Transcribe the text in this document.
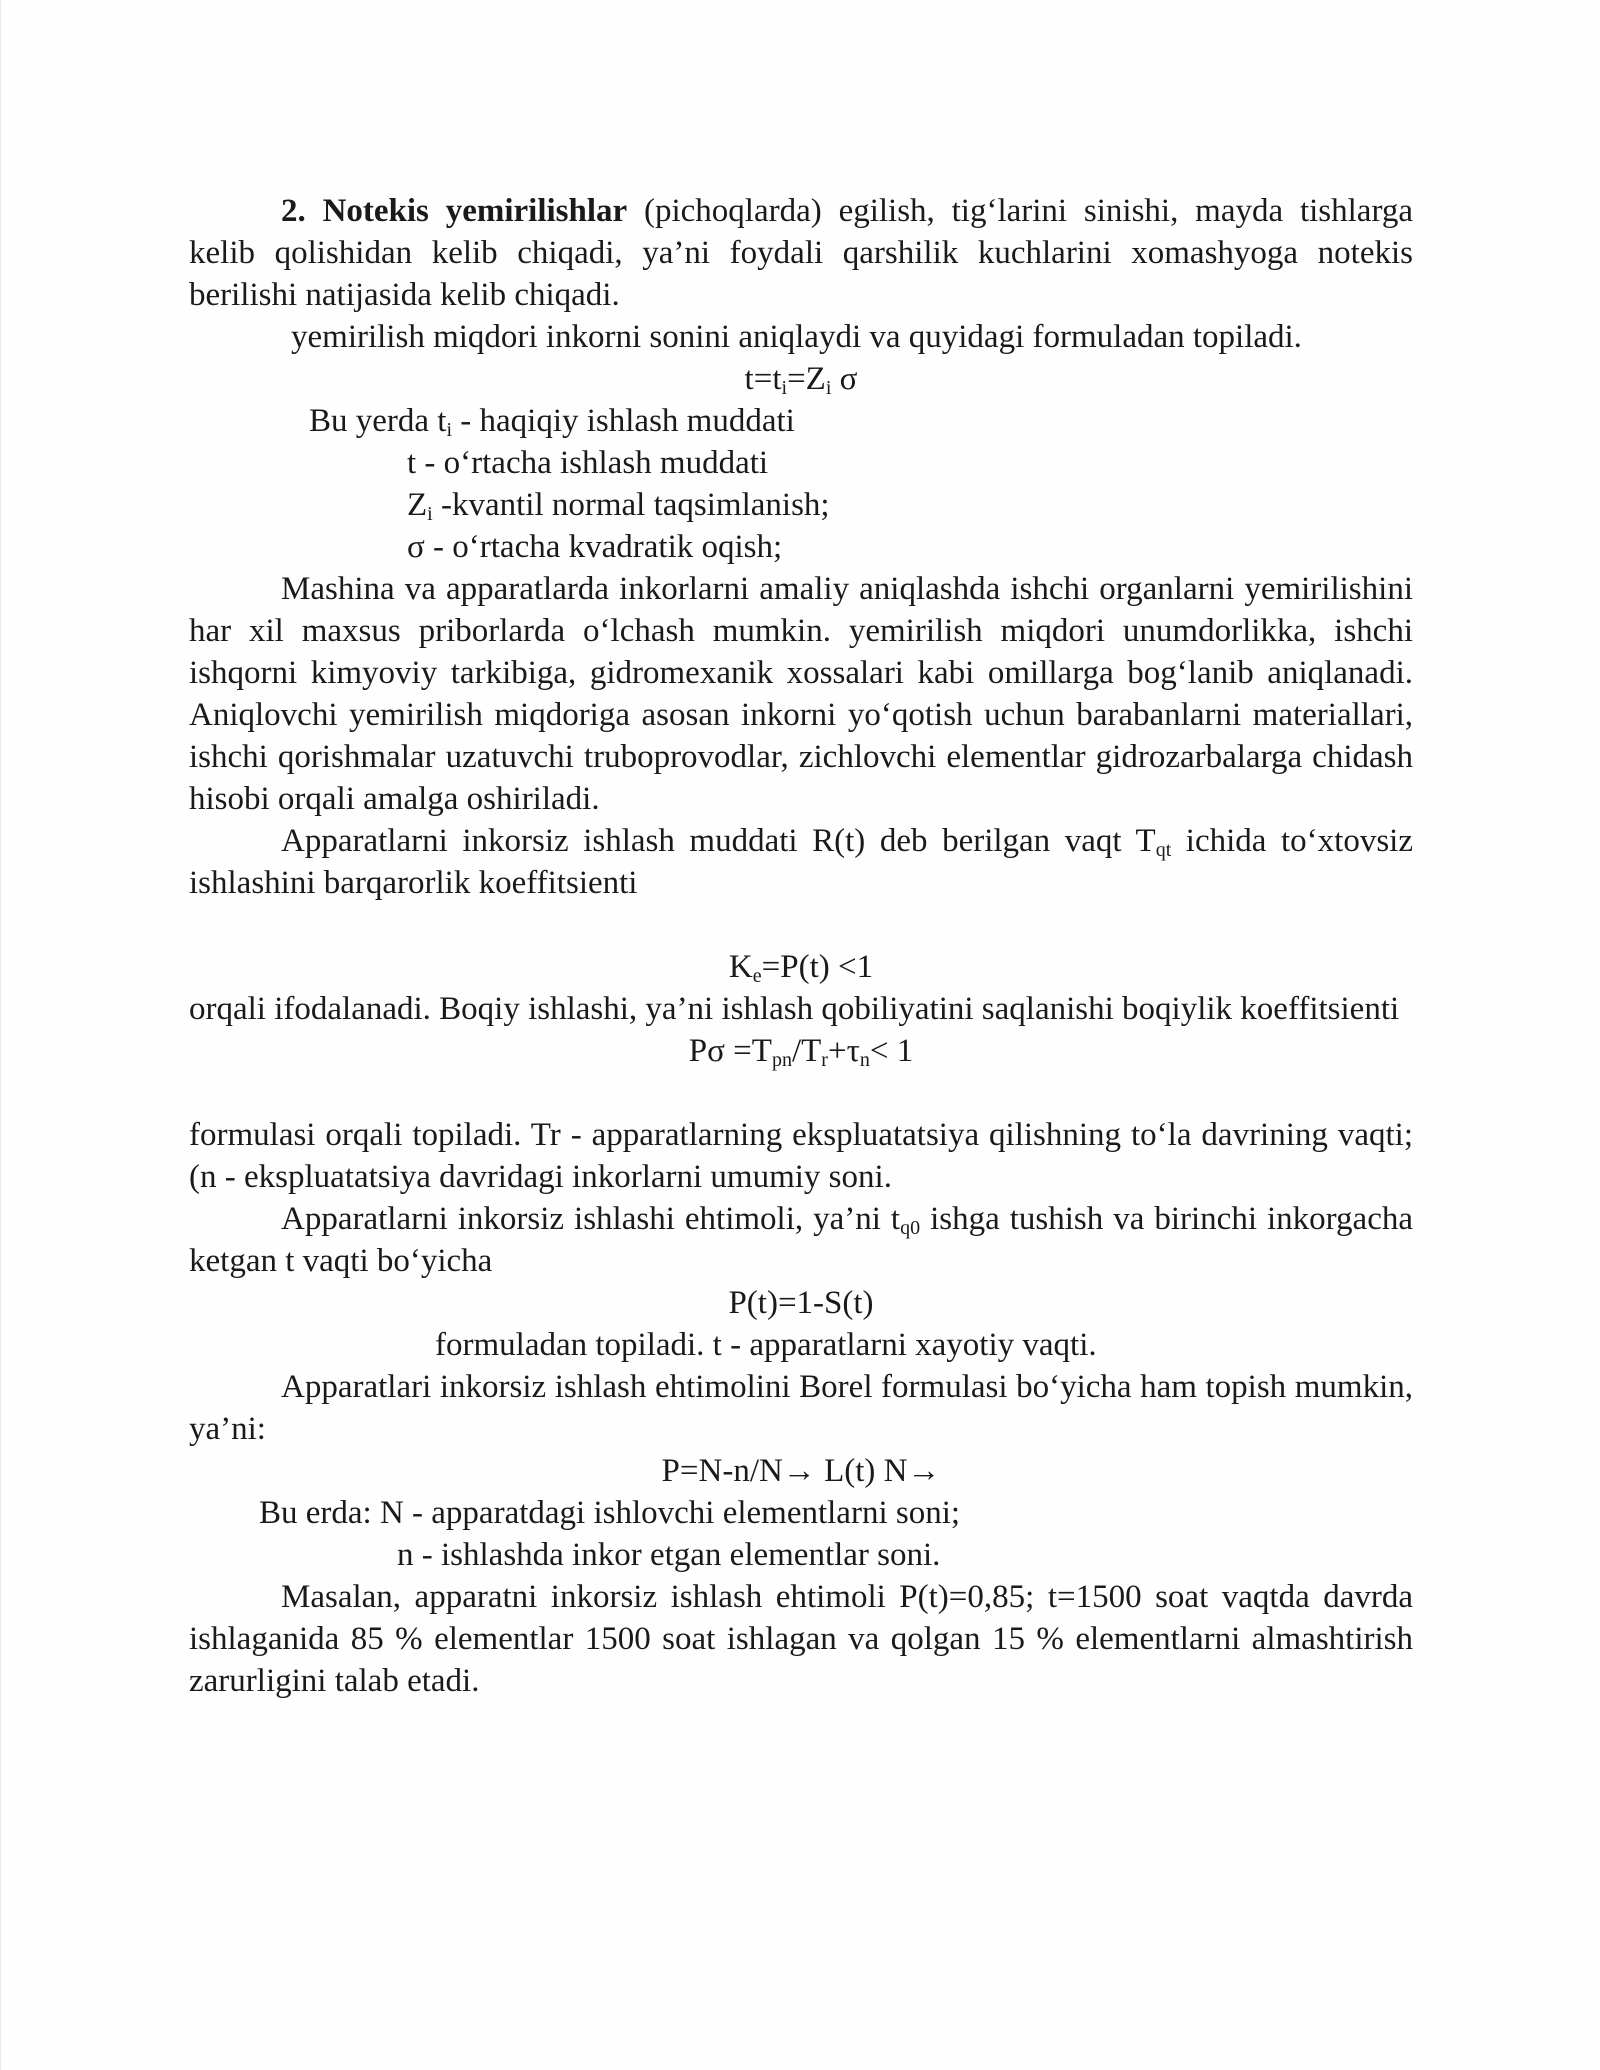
2. Notekis yemirilishlar (pichoqlarda) egilish, tig‘larini sinishi, mayda tishlarga kelib qolishidan kelib chiqadi, ya’ni foydali qarshilik kuchlarini xomashyoga notekis berilishi natijasida kelib chiqadi.

yemirilish miqdori inkorni sonini aniqlaydi va quyidagi formuladan topiladi.

$t=t_i=Z_i$ σ

Bu yerda $t_i$ - haqiqiy ishlash muddati

t - o‘rtacha ishlash muddati

$Z_i$ -kvantil normal taqsimlanish;

σ - o‘rtacha kvadratik oqish;

Mashina va apparatlarda inkorlarni amaliy aniqlashda ishchi organlarni yemirilishini har xil maxsus priborlarda o‘lchash mumkin. yemirilish miqdori unumdorlikka, ishchi ishqorni kimyoviy tarkibiga, gidromexanik xossalari kabi omillarga bog‘lanib aniqlanadi. Aniqlovchi yemirilish miqdoriga asosan inkorni yo‘qotish uchun barabanlarni materiallari, ishchi qorishmalar uzatuvchi truboprovodlar, zichlovchi elementlar gidrozarbalarga chidash hisobi orqali amalga oshiriladi.

Apparatlarni inkorsiz ishlash muddati R(t) deb berilgan vaqt $T_{qt}$ ichida to‘xtovsiz ishlashini barqarorlik koeffitsienti

$K_e=P(t) <1$

orqali ifodalanadi. Boqiy ishlashi, ya’ni ishlash qobiliyatini saqlanishi boqiylik koeffitsienti

$P\sigma =T_{pn}/T_r+\tau_n< 1$

formulasi orqali topiladi. Tr - apparatlarning ekspluatatsiya qilishning to‘la davrining vaqti; (n - ekspluatatsiya davridagi inkorlarni umumiy soni.

Apparatlarni inkorsiz ishlashi ehtimoli, ya’ni $t_{q0}$ ishga tushish va birinchi inkorgacha ketgan t vaqti bo‘yicha

P(t)=1-S(t)

formuladan topiladi. t - apparatlarni xayotiy vaqti.

Apparatlari inkorsiz ishlash ehtimolini Borel formulasi bo‘yicha ham topish mumkin, ya’ni:

P=N-n/N→ L(t) N→

Bu erda: N - apparatdagi ishlovchi elementlarni soni;

n - ishlashda inkor etgan elementlar soni.

Masalan, apparatni inkorsiz ishlash ehtimoli P(t)=0,85; t=1500 soat vaqtda davrda ishlaganida 85 % elementlar 1500 soat ishlagan va qolgan 15 % elementlarni almashtirish zarurligini talab etadi.
